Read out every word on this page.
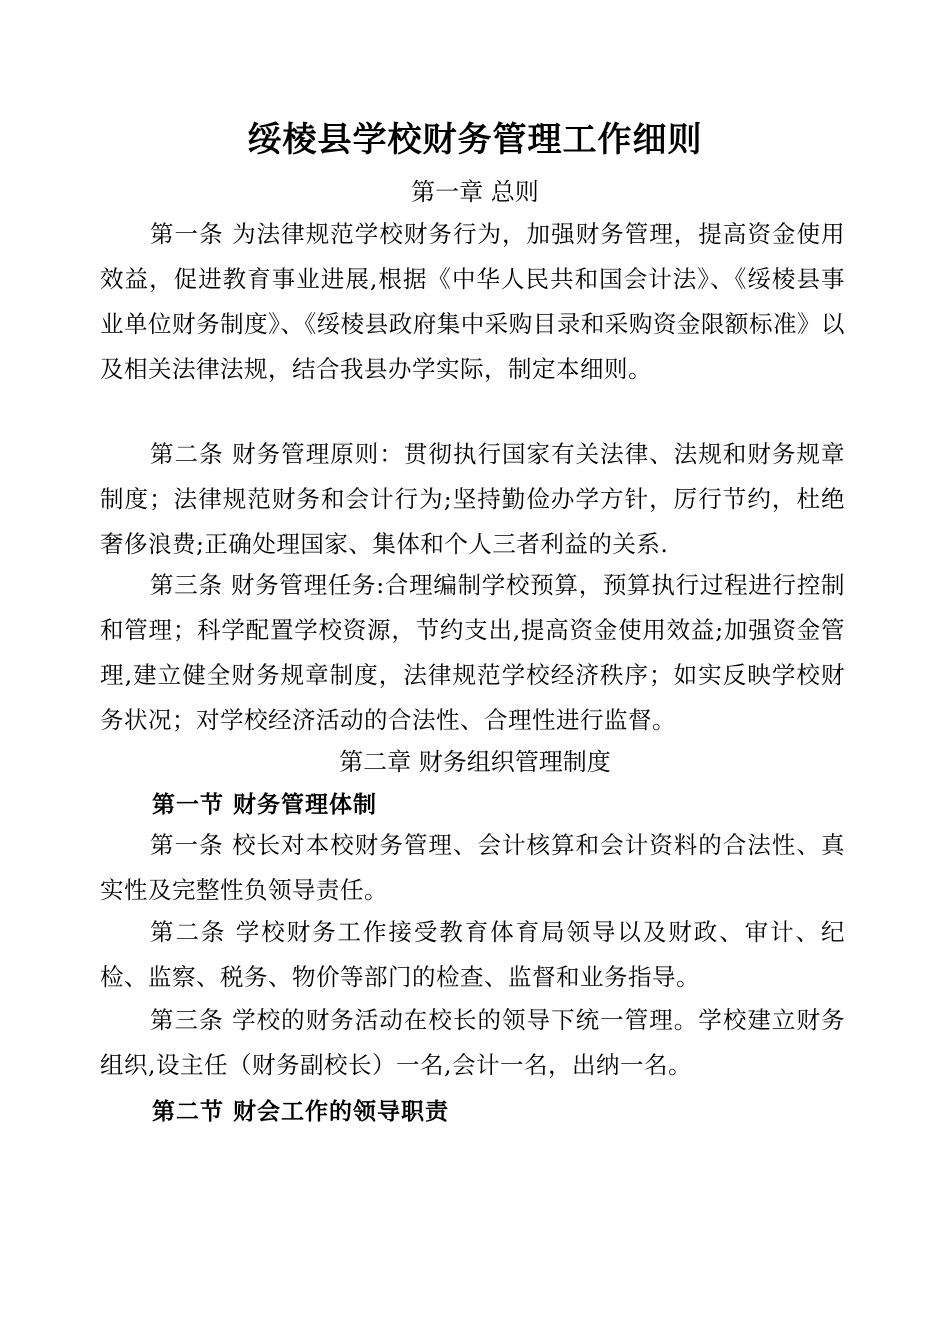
绥棱县学校财务管理工作细则
第一章 总则

第一条 为法律规范学校财务行为，加强财务管理，提高资金使用效益，促进教育事业进展,根据《中华人民共和国会计法》、《绥棱县事业单位财务制度》、《绥棱县政府集中采购目录和采购资金限额标准》以及相关法律法规，结合我县办学实际，制定本细则。

第二条 财务管理原则：贯彻执行国家有关法律、法规和财务规章制度；法律规范财务和会计行为;坚持勤俭办学方针，厉行节约，杜绝奢侈浪费;正确处理国家、集体和个人三者利益的关系.

第三条 财务管理任务:合理编制学校预算，预算执行过程进行控制和管理；科学配置学校资源，节约支出,提高资金使用效益;加强资金管理,建立健全财务规章制度，法律规范学校经济秩序；如实反映学校财务状况；对学校经济活动的合法性、合理性进行监督。

第二章 财务组织管理制度
第一节 财务管理体制

第一条 校长对本校财务管理、会计核算和会计资料的合法性、真实性及完整性负领导责任。

第二条 学校财务工作接受教育体育局领导以及财政、审计、纪检、监察、税务、物价等部门的检查、监督和业务指导。

第三条 学校的财务活动在校长的领导下统一管理。学校建立财务组织,设主任（财务副校长）一名,会计一名，出纳一名。

第二节 财会工作的领导职责
